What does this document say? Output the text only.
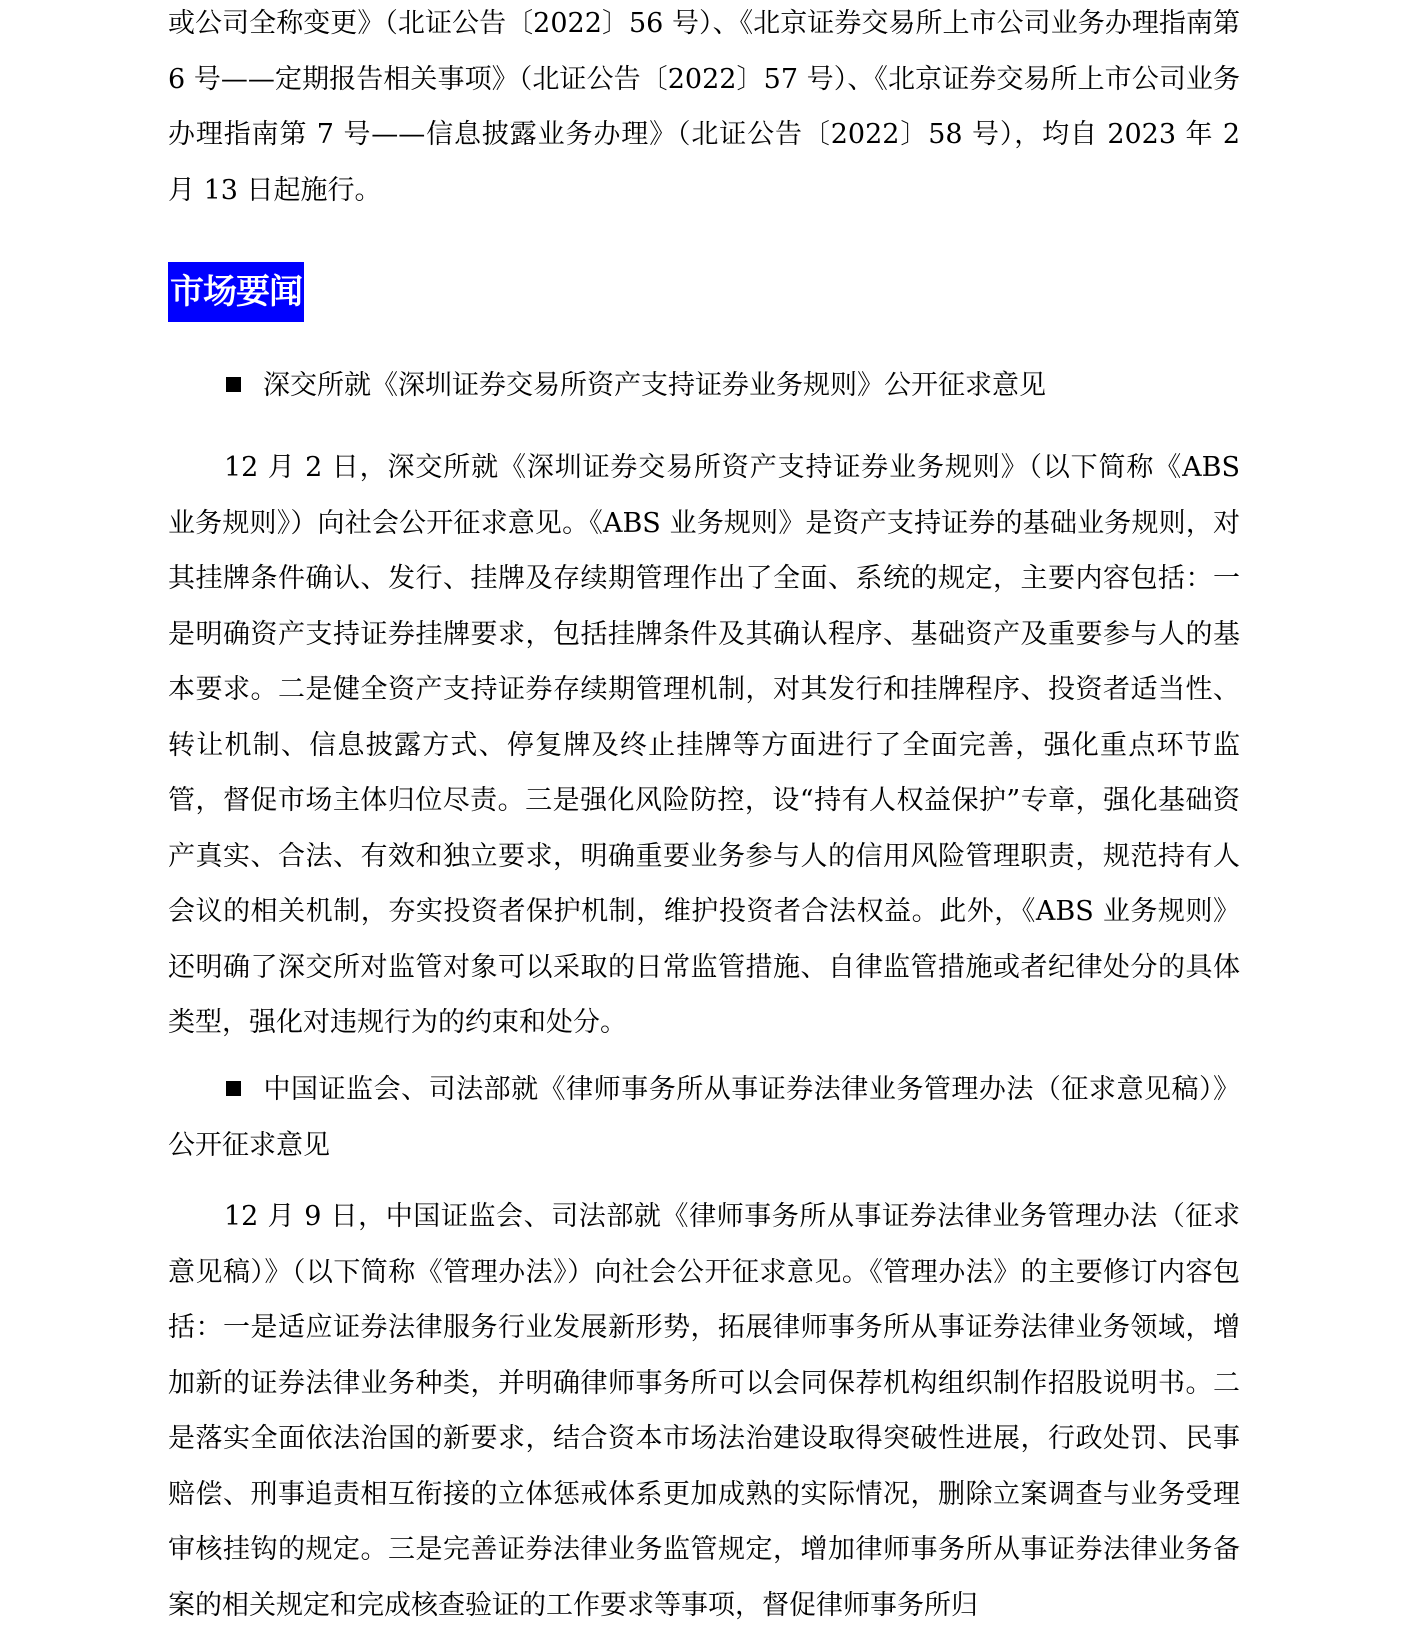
或公司全称变更》（北证公告〔2022〕56 号）、《北京证券交易所上市公司业务办理指南第 6 号——定期报告相关事项》（北证公告〔2022〕57 号）、《北京证券交易所上市公司业务办理指南第 7 号——信息披露业务办理》（北证公告〔2022〕58 号），均自 2023 年 2 月 13 日起施行。

市场要闻

深交所就《深圳证券交易所资产支持证券业务规则》公开征求意见

12 月 2 日，深交所就《深圳证券交易所资产支持证券业务规则》（以下简称《ABS 业务规则》）向社会公开征求意见。《ABS 业务规则》是资产支持证券的基础业务规则，对其挂牌条件确认、发行、挂牌及存续期管理作出了全面、系统的规定，主要内容包括：一是明确资产支持证券挂牌要求，包括挂牌条件及其确认程序、基础资产及重要参与人的基本要求。二是健全资产支持证券存续期管理机制，对其发行和挂牌程序、投资者适当性、转让机制、信息披露方式、停复牌及终止挂牌等方面进行了全面完善，强化重点环节监管，督促市场主体归位尽责。三是强化风险防控，设“持有人权益保护”专章，强化基础资产真实、合法、有效和独立要求，明确重要业务参与人的信用风险管理职责，规范持有人会议的相关机制，夯实投资者保护机制，维护投资者合法权益。此外，《ABS 业务规则》还明确了深交所对监管对象可以采取的日常监管措施、自律监管措施或者纪律处分的具体类型，强化对违规行为的约束和处分。

中国证监会、司法部就《律师事务所从事证券法律业务管理办法（征求意见稿）》公开征求意见

12 月 9 日，中国证监会、司法部就《律师事务所从事证券法律业务管理办法（征求意见稿）》（以下简称《管理办法》）向社会公开征求意见。《管理办法》的主要修订内容包括：一是适应证券法律服务行业发展新形势，拓展律师事务所从事证券法律业务领域，增加新的证券法律业务种类，并明确律师事务所可以会同保荐机构组织制作招股说明书。二是落实全面依法治国的新要求，结合资本市场法治建设取得突破性进展，行政处罚、民事赔偿、刑事追责相互衔接的立体惩戒体系更加成熟的实际情况，删除立案调查与业务受理审核挂钩的规定。三是完善证券法律业务监管规定，增加律师事务所从事证券法律业务备案的相关规定和完成核查验证的工作要求等事项，督促律师事务所归
